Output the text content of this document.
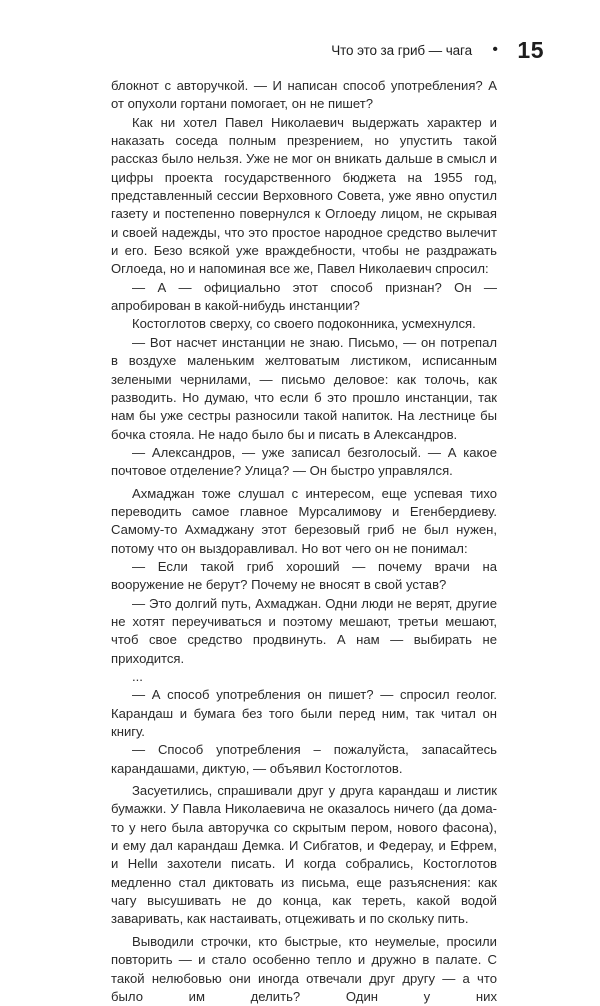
Что это за гриб — чага • 15

блокнот с авторучкой. — И написан способ употребления? А от опухоли гортани помогает, он не пишет?

Как ни хотел Павел Николаевич выдержать характер и наказать соседа полным презрением, но упустить такой рассказ было нельзя. Уже не мог он вникать дальше в смысл и цифры проекта государственного бюджета на 1955 год, представленный сессии Верховного Совета, уже явно опустил газету и постепенно повернулся к Оглоеду лицом, не скрывая и своей надежды, что это простое народное средство вылечит и его. Безо всякой уже враждебности, чтобы не раздражать Оглоеда, но и напоминая все же, Павел Николаевич спросил:

— А — официально этот способ признан? Он — апробирован в какой-нибудь инстанции?

Костоглотов сверху, со своего подоконника, усмехнулся.

— Вот насчет инстанции не знаю. Письмо, — он потрепал в воздухе маленьким желтоватым листиком, исписанным зелеными чернилами, — письмо деловое: как толочь, как разводить. Но думаю, что если б это прошло инстанции, так нам бы уже сестры разносили такой напиток. На лестнице бы бочка стояла. Не надо было бы и писать в Александров.

— Александров, — уже записал безголосый. — А какое почтовое отделение? Улица? — Он быстро управлялся.

Ахмаджан тоже слушал с интересом, еще успевая тихо переводить самое главное Мурсалимову и Егенбердиеву. Самому-то Ахмаджану этот березовый гриб не был нужен, потому что он выздоравливал. Но вот чего он не понимал:

— Если такой гриб хороший — почему врачи на вооружение не берут? Почему не вносят в свой устав?

— Это долгий путь, Ахмаджан. Одни люди не верят, другие не хотят переучиваться и поэтому мешают, третьи мешают, чтоб свое средство продвинуть. А нам — выбирать не приходится.

...

— А способ употребления он пишет? — спросил геолог. Карандаш и бумага без того были перед ним, так читал он книгу.

— Способ употребления – пожалуйста, запасайтесь карандашами, диктую, — объявил Костоглотов.

Засуетились, спрашивали друг у друга карандаш и листик бумажки. У Павла Николаевича не оказалось ничего (да дома-то у него была авторучка со скрытым пером, нового фасона), и ему дал карандаш Демка. И Сибгатов, и Федерау, и Ефрем, и Нellи захотели писать. И когда собрались, Костоглотов медленно стал диктовать из письма, еще разъяснения: как чагу высушивать не до конца, как тереть, какой водой заваривать, как настаивать, отцеживать и по скольку пить.

Выводили строчки, кто быстрые, кто неумелые, просили повторить — и стало особенно тепло и дружно в палате. С такой нелюбовью они иногда отвечали друг другу — а что было им делить? Один у них
